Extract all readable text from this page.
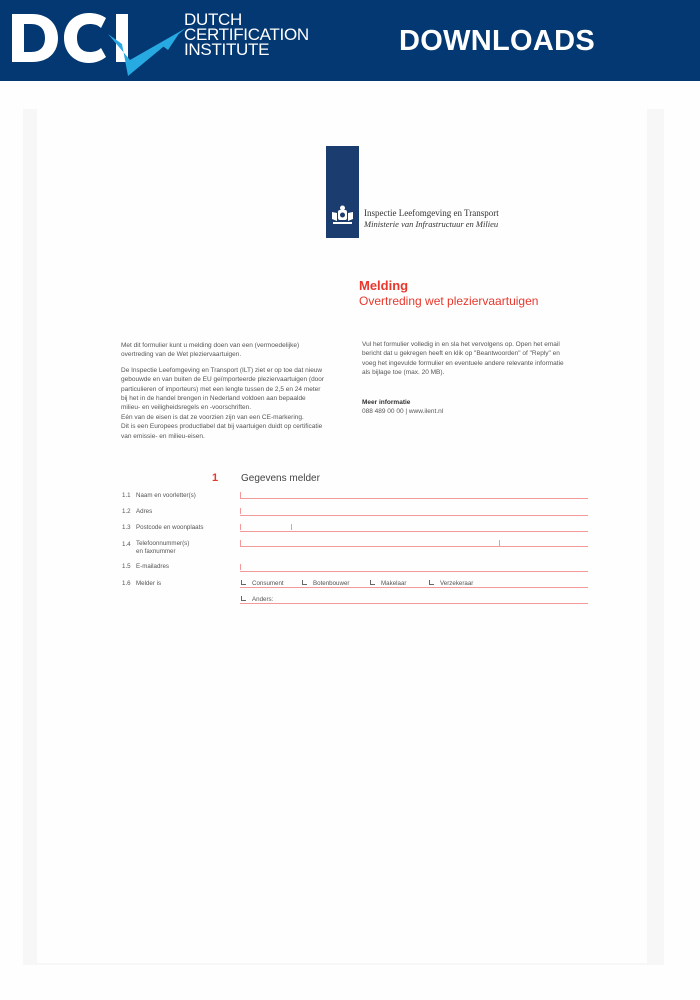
DUTCH
CERTIFICATION
INSTITUTE	DOWNLOADS
Inspectie Leefomgeving en Transport
Ministerie van Infrastructuur en Milieu
Melding
Overtreding wet pleziervaartuigen

Met dit formulier kunt u melding doen van een (vermoedelijke)
overtreding van de Wet pleziervaartuigen.

De Inspectie Leefomgeving en Transport (ILT) ziet er op toe dat nieuw
gebouwde en van buiten de EU geïmporteerde pleziervaartuigen (door
particulieren of importeurs) met een lengte tussen de 2,5 en 24 meter
bij het in de handel brengen in Nederland voldoen aan bepaalde
milieu- en veiligheidsregels en -voorschriften.
Eén van de eisen is dat ze voorzien zijn van een CE-markering.
Dit is een Europees productlabel dat bij vaartuigen duidt op certificatie
van emissie- en milieu-eisen.

Vul het formulier volledig in en sla het vervolgens op. Open het email
bericht dat u gekregen heeft en klik op "Beantwoorden" of "Reply" en
voeg het ingevulde formulier en eventuele andere relevante informatie
als bijlage toe (max. 20 MB).

Meer informatie

088 489 00 00 | www.ilent.nl

1 Gegevens melder
1.1 Naam en voorletter(s)
1.2 Adres
1.3 Postcode en woonplaats
1.4 Telefoonnummer(s)
en faxnummer
1.5 E-mailadres
1.6 Melder is	Consument	Botenbouwer	Makelaar	Verzekeraar
Anders:
